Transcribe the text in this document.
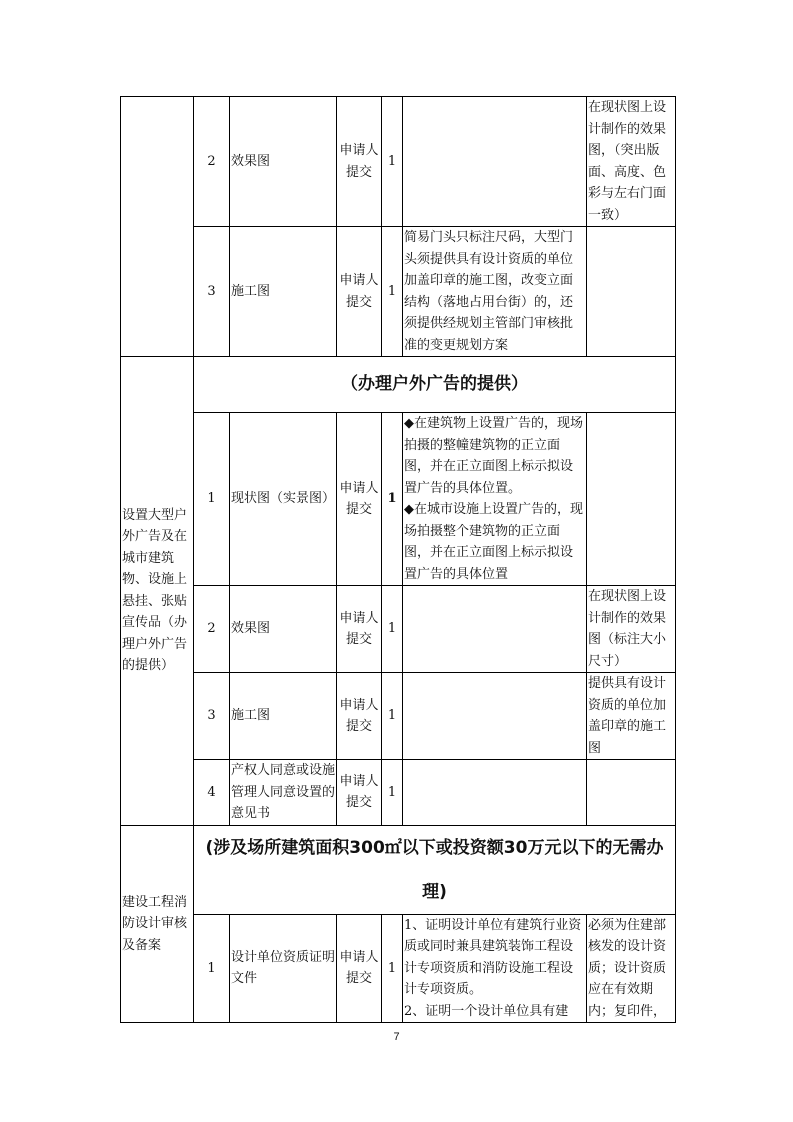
	2	效果图	申请人提交	1		在现状图上设计制作的效果图，（突出版面、高度、色彩与左右门面一致）
	3	施工图	申请人提交	1	简易门头只标注尺码，大型门头须提供具有设计资质的单位加盖印章的施工图，改变立面结构（落地占用台街）的，还须提供经规划主管部门审核批准的变更规划方案	
设置大型户外广告及在城市建筑物、设施上悬挂、张贴宣传品（办理户外广告的提供）	（办理户外广告的提供）					
	1	现状图（实景图）	申请人提交	1	◆在建筑物上设置广告的，现场拍摄的整幢建筑物的正立面图，并在正立面图上标示拟设置广告的具体位置。
◆在城市设施上设置广告的，现场拍摄整个建筑物的正立面图，并在正立面图上标示拟设置广告的具体位置	
	2	效果图	申请人提交	1		在现状图上设计制作的效果图（标注大小尺寸）
	3	施工图	申请人提交	1		提供具有设计资质的单位加盖印章的施工图
	4	产权人同意或设施管理人同意设置的意见书	申请人提交	1		
建设工程消防设计审核及备案	(涉及场所建筑面积300㎡以下或投资额30万元以下的无需办理)					
	1	设计单位资质证明文件	申请人提交	1	1、证明设计单位有建筑行业资质或同时兼具建筑装饰工程设计专项资质和消防设施工程设计专项资质。
2、证明一个设计单位具有建	必须为住建部核发的设计资质；设计资质应在有效期内；复印件，
7
